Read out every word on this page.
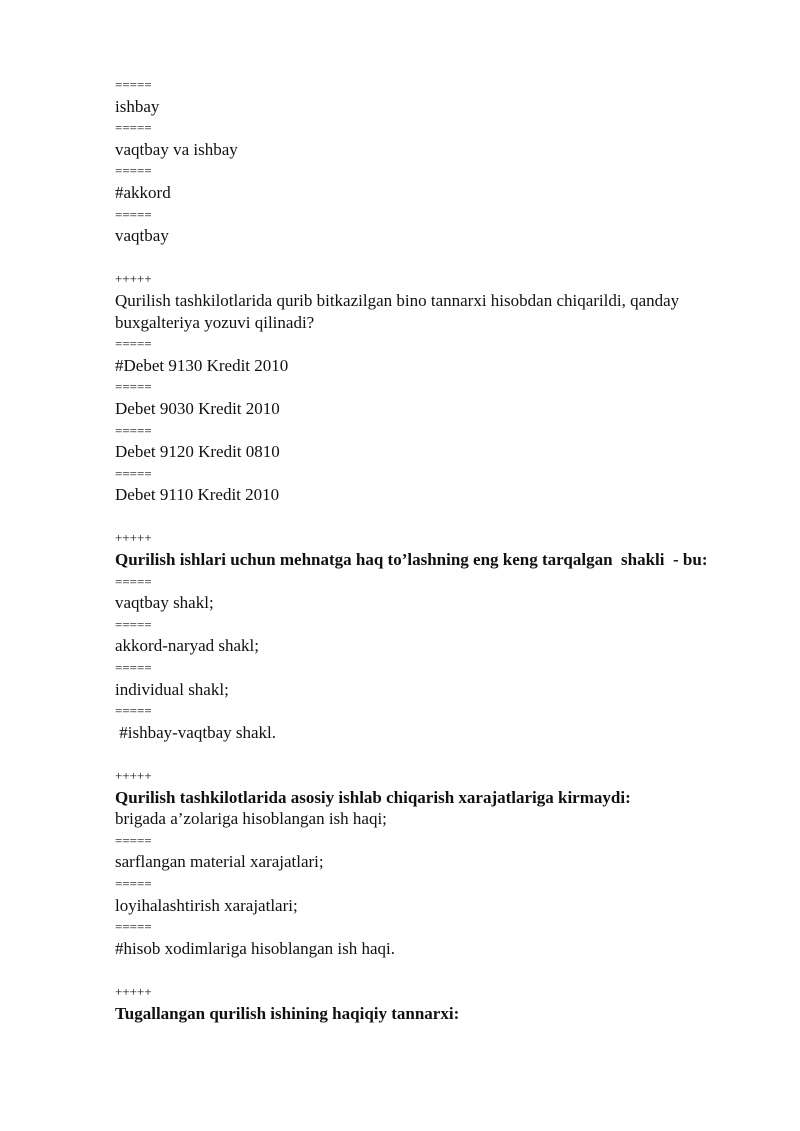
=====
ishbay
=====
vaqtbay va ishbay
=====
#akkord
=====
vaqtbay
+++++
Qurilish tashkilotlarida qurib bitkazilgan bino tannarxi hisobdan chiqarildi, qanday buxgalteriya yozuvi qilinadi?
=====
#Debet 9130 Kredit 2010
=====
Debet 9030 Kredit 2010
=====
Debet 9120 Kredit 0810
=====
Debet 9110 Kredit 2010
+++++
Qurilish ishlari uchun mehnatga haq to’lashning eng keng tarqalgan  shakli  - bu:
=====
vaqtbay shakl;
=====
akkord-naryad shakl;
=====
individual shakl;
=====
#ishbay-vaqtbay shakl.
+++++
Qurilish tashkilotlarida asosiy ishlab chiqarish xarajatlariga kirmaydi:
brigada a’zolariga hisoblangan ish haqi;
=====
sarflangan material xarajatlari;
=====
loyihalashtirish xarajatlari;
=====
#hisob xodimlariga hisoblangan ish haqi.
+++++
Tugallangan qurilish ishining haqiqiy tannarxi:
